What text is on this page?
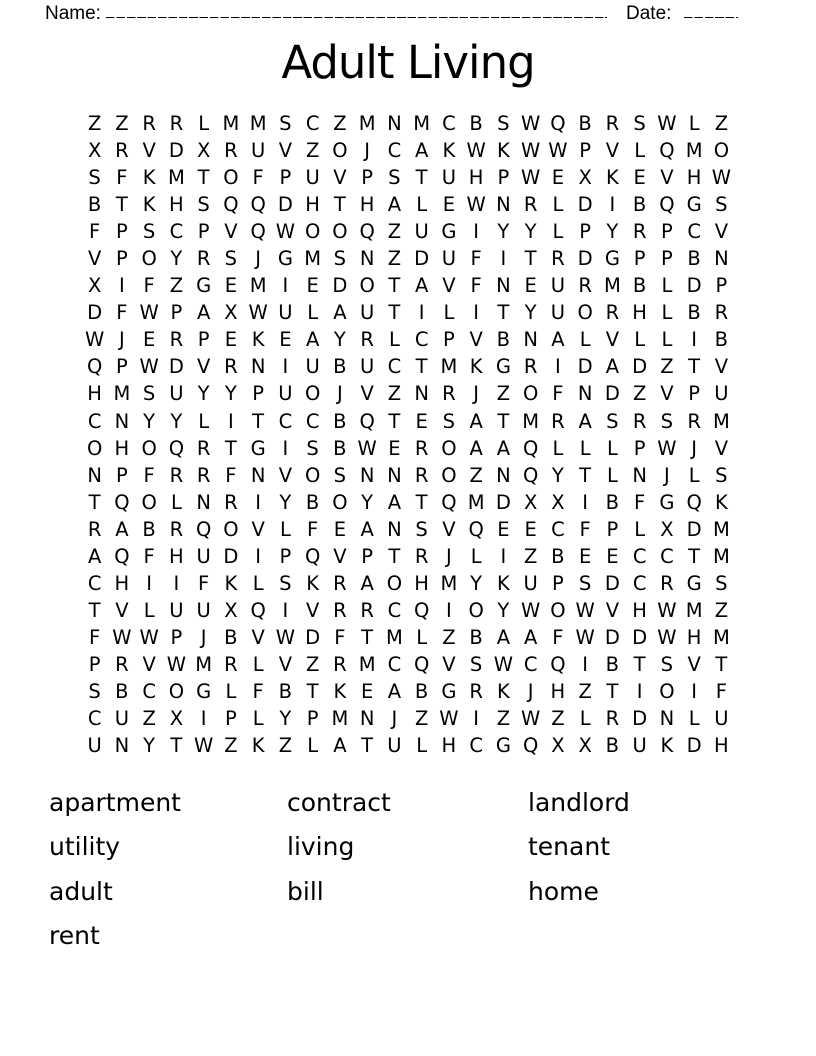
Name:	Date:
Adult Living
Z Z R R L M M S C Z M N M C B S W Q B R S W L Z
X R V D X R U V Z O J C A K W K W W P V L Q M O
S F K M T O F P U V P S T U H P W E X K E V H W
B T K H S Q Q D H T H A L E W N R L D I B Q G S
F P S C P V Q W O O Q Z U G I Y Y L P Y R P C V
V P O Y R S J G M S N Z D U F I T R D G P P B N
X I F Z G E M I E D O T A V F N E U R M B L D P
D F W P A X W U L A U T I L I T Y U O R H L B R
W J E R P E K E A Y R L C P V B N A L V L L I B
Q P W D V R N I U B U C T M K G R I D A D Z T V
H M S U Y Y P U O J V Z N R J Z O F N D Z V P U
C N Y Y L I T C C B Q T E S A T M R A S R S R M
O H O Q R T G I S B W E R O A A Q L L L P W J V
N P F R R F N V O S N N R O Z N Q Y T L N J L S
T Q O L N R I Y B O Y A T Q M D X X I B F G Q K
R A B R Q O V L F E A N S V Q E E C F P L X D M
A Q F H U D I P Q V P T R J L I Z B E E C C T M
C H I	I F K L S K R A O H M Y K U P S D C R G S
T V L U U X Q I V R R C Q I O Y W O W V H W M Z
F W W P J B V W D F T M L Z B A A F W D D W H M
P R V W M R L V Z R M C Q V S W C Q I B T S V T
S B C O G L F B T K E A B G R K J H Z T I O I F
C U Z X I P L Y P M N J Z W I Z W Z L R D N L U
U N Y T W Z K Z L A T U L H C G Q X X B U K D H
apartment
utility
adult
rent
contract
living
bill
landlord
tenant
home
